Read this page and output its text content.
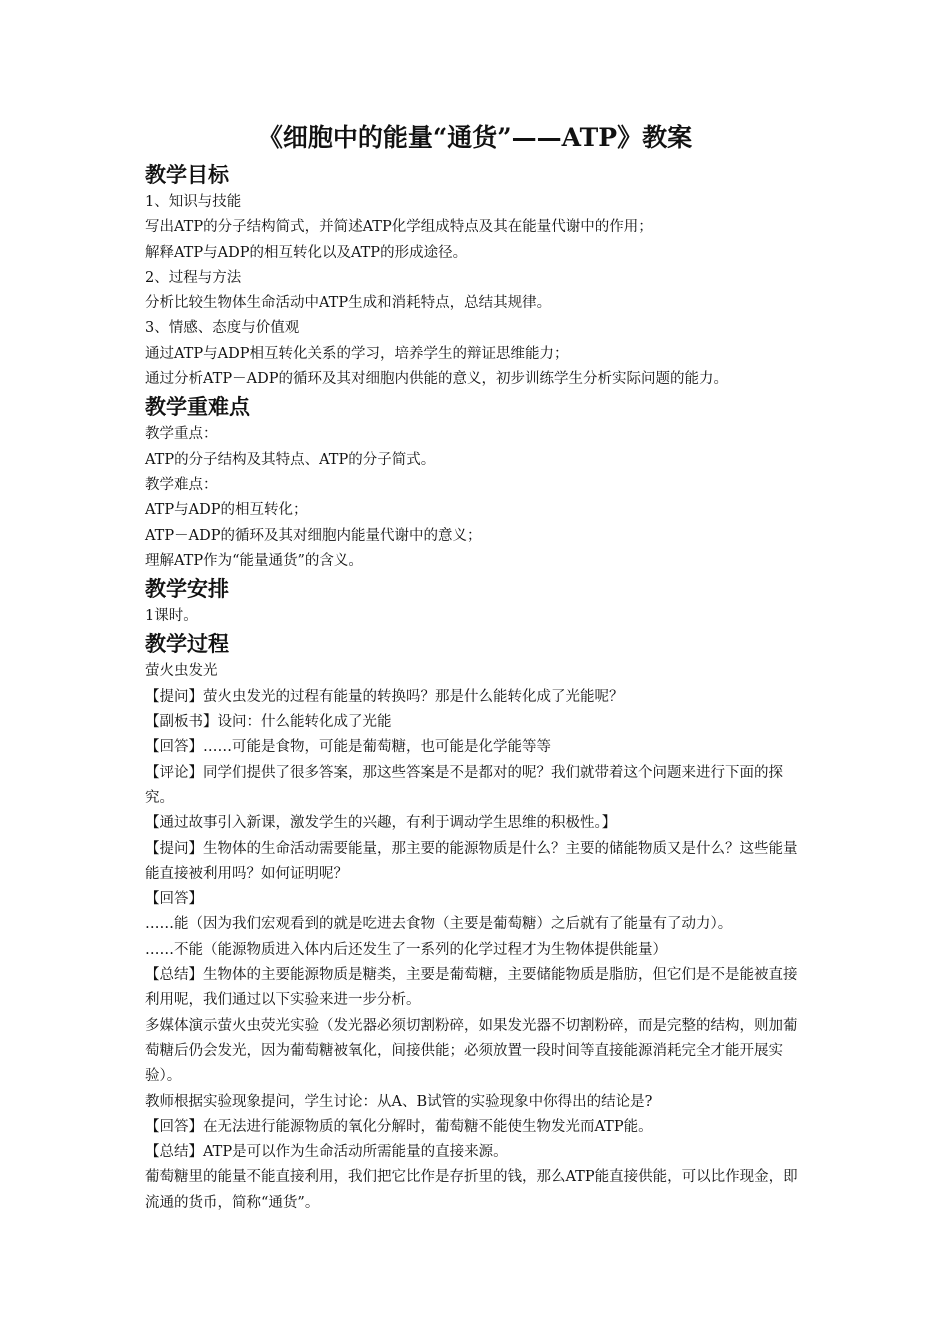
《细胞中的能量“通货”——ATP》教案
教学目标
1、知识与技能
写出ATP的分子结构简式，并简述ATP化学组成特点及其在能量代谢中的作用；
解释ATP与ADP的相互转化以及ATP的形成途径。
2、过程与方法
分析比较生物体生命活动中ATP生成和消耗特点，总结其规律。
3、情感、态度与价值观
通过ATP与ADP相互转化关系的学习，培养学生的辩证思维能力；
通过分析ATP－ADP的循环及其对细胞内供能的意义，初步训练学生分析实际问题的能力。
教学重难点
教学重点：
ATP的分子结构及其特点、ATP的分子简式。
教学难点：
ATP与ADP的相互转化；
ATP－ADP的循环及其对细胞内能量代谢中的意义；
理解ATP作为“能量通货”的含义。
教学安排
1课时。
教学过程
萤火虫发光
【提问】萤火虫发光的过程有能量的转换吗？那是什么能转化成了光能呢？
【副板书】设问：什么能转化成了光能
【回答】……可能是食物，可能是葡萄糖，也可能是化学能等等
【评论】同学们提供了很多答案，那这些答案是不是都对的呢？我们就带着这个问题来进行下面的探究。
【通过故事引入新课，激发学生的兴趣，有利于调动学生思维的积极性。】
【提问】生物体的生命活动需要能量，那主要的能源物质是什么？主要的储能物质又是什么？这些能量能直接被利用吗？如何证明呢？
【回答】
……能（因为我们宏观看到的就是吃进去食物（主要是葡萄糖）之后就有了能量有了动力）。
……不能（能源物质进入体内后还发生了一系列的化学过程才为生物体提供能量）
【总结】生物体的主要能源物质是糖类，主要是葡萄糖，主要储能物质是脂肪，但它们是不是能被直接利用呢，我们通过以下实验来进一步分析。
多媒体演示萤火虫荧光实验（发光器必须切割粉碎，如果发光器不切割粉碎，而是完整的结构，则加葡萄糖后仍会发光，因为葡萄糖被氧化，间接供能；必须放置一段时间等直接能源消耗完全才能开展实验）。
教师根据实验现象提问，学生讨论：从A、B试管的实验现象中你得出的结论是?
【回答】在无法进行能源物质的氧化分解时，葡萄糖不能使生物发光而ATP能。
【总结】ATP是可以作为生命活动所需能量的直接来源。
葡萄糖里的能量不能直接利用，我们把它比作是存折里的钱，那么ATP能直接供能，可以比作现金，即流通的货币，简称“通货”。
